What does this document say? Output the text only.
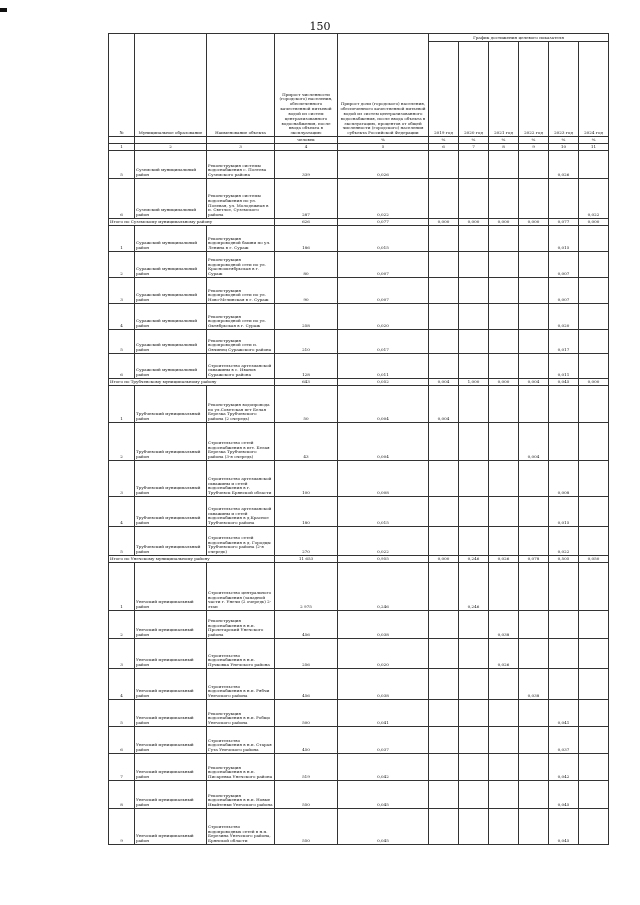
150
№	Муниципальное образование	Наименование объекта	Прирост численности (городского) населения, обеспеченного качественной питьевой водой из систем централизованного водоснабжения, после ввода объекта в эксплуатацию	Прирост доли (городского) населения, обеспеченного качественной питьевой водой из систем централизованного водоснабжения, после ввода объекта в эксплуатацию, процентов от общей численности (городского) населения субъекта Российской Федерации	График достижения целевого показателя					
					2019 год	2020 год	2021 год	2022 год	2023 год	2024 год
			человек	%	%	%	%	%	%	%
1	2	3	4	5	6	7	8	9	10	11
5	Суземский муниципальный район	Реконструкция системы водоснабжения с. Полтева Суземского района	339	0,026					0,026	
6	Суземский муниципальный район	Реконструкция системы водоснабжения по ул. Полевая, ул. Молодежная в п. Светлое, Суземского района	287	0,022						0,022
Итого по Суземскому муниципальному району			626	0,077	0,000	0,000	0,000	0,000	0,077	0,000
1	Суражский муниципальный район	Реконструкция водопроводной башни по ул. Ленина в г. Сураж	186	0,015					0,015	
2	Суражский муниципальный район	Реконструкция водопроводной сети по ул. Краснооктябрьская в г. Сураж	80	0,007					0,007	
3	Суражский муниципальный район	Реконструкция водопроводной сети по ул. Ново-Мглинская в г. Сураж	90	0,007					0,007	
4	Суражский муниципальный район	Реконструкция водопроводной сети по ул. Октябрьская в г. Сураж	258	0,020					0,020	
5	Суражский муниципальный район	Реконструкция водопроводной сети п. Овчинец Суражского района	210	0,017					0,017	
6	Суражский муниципальный район	Строительство артезианской скважины в с. Иванов Суражского района	128	0,011					0,011	
Итого по Трубчевскому муниципальному району			643	0,052	0,004	1,000	0,000	0,004	0,045	0,000
1	Трубчевский муниципальный район	Реконструкция водопровода по ул.Советская пгт Белая Березка Трубчевского района (2 очередь)	50	0,004	0,004					
2	Трубчевский муниципальный район	Строительство сетей водоснабжения в пгт. Белая Березка Трубчевского района (3-я очередь)	43	0,004				0,004		
3	Трубчевский муниципальный район	Строительство артезианской скважины и сетей водоснабжения в г. Трубчевск Брянской области	100	0,008					0,008	
4	Трубчевский муниципальный район	Строительство артезианской скважины и сетей водоснабжения в д.Красное Трубчевского района	180	0,015					0,015	
5	Трубчевский муниципальный район	Строительство сетей водоснабжения в д. Городцы Трубчевского района (2-я очередь)	270	0,022					0,022	
Итого по Унечскому муниципальному району			11 653	0,955	0,000	0,246	0,026	0,078	0,505	0,050
1	Унечский муниципальный район	Строительство центрального водоснабжения (западной части г. Унечи (2 очередь) 2- этап	2 975	0,246		0,246				
2	Унечский муниципальный район	Реконструкция водоснабжения в н.п. Пролетарский Унечского района	456	0,038			0,038			
3	Унечский муниципальный район	Строительство водоснабжения в н.п. Пучковка Унечского района	256	0,020			0,026			
4	Унечский муниципальный район	Строительство водоснабжения в н.п. Рябчи Унечского района	456	0,038				0,038		
5	Унечский муниципальный район	Реконструкция водоснабжения в н.п. Робщо Унечского района	500	0,041					0,041	
6	Унечский муниципальный район	Строительство водоснабжения в н.п. Старая Гута Унечского района	450	0,037					0,037	
7	Унечский муниципальный район	Реконструкция водоснабжения в н.п. Писаревка Унечского района	519	0,042					0,042	
8	Унечский муниципальный район	Реконструкция водоснабжения в н.п. Новые Ивайтенки Унечского района	550	0,045					0,045	
9	Унечский муниципальный район	Строительство водопроводных сетей в н.п. Березина Унечского района, Брянской области	550	0,045					0,045	
